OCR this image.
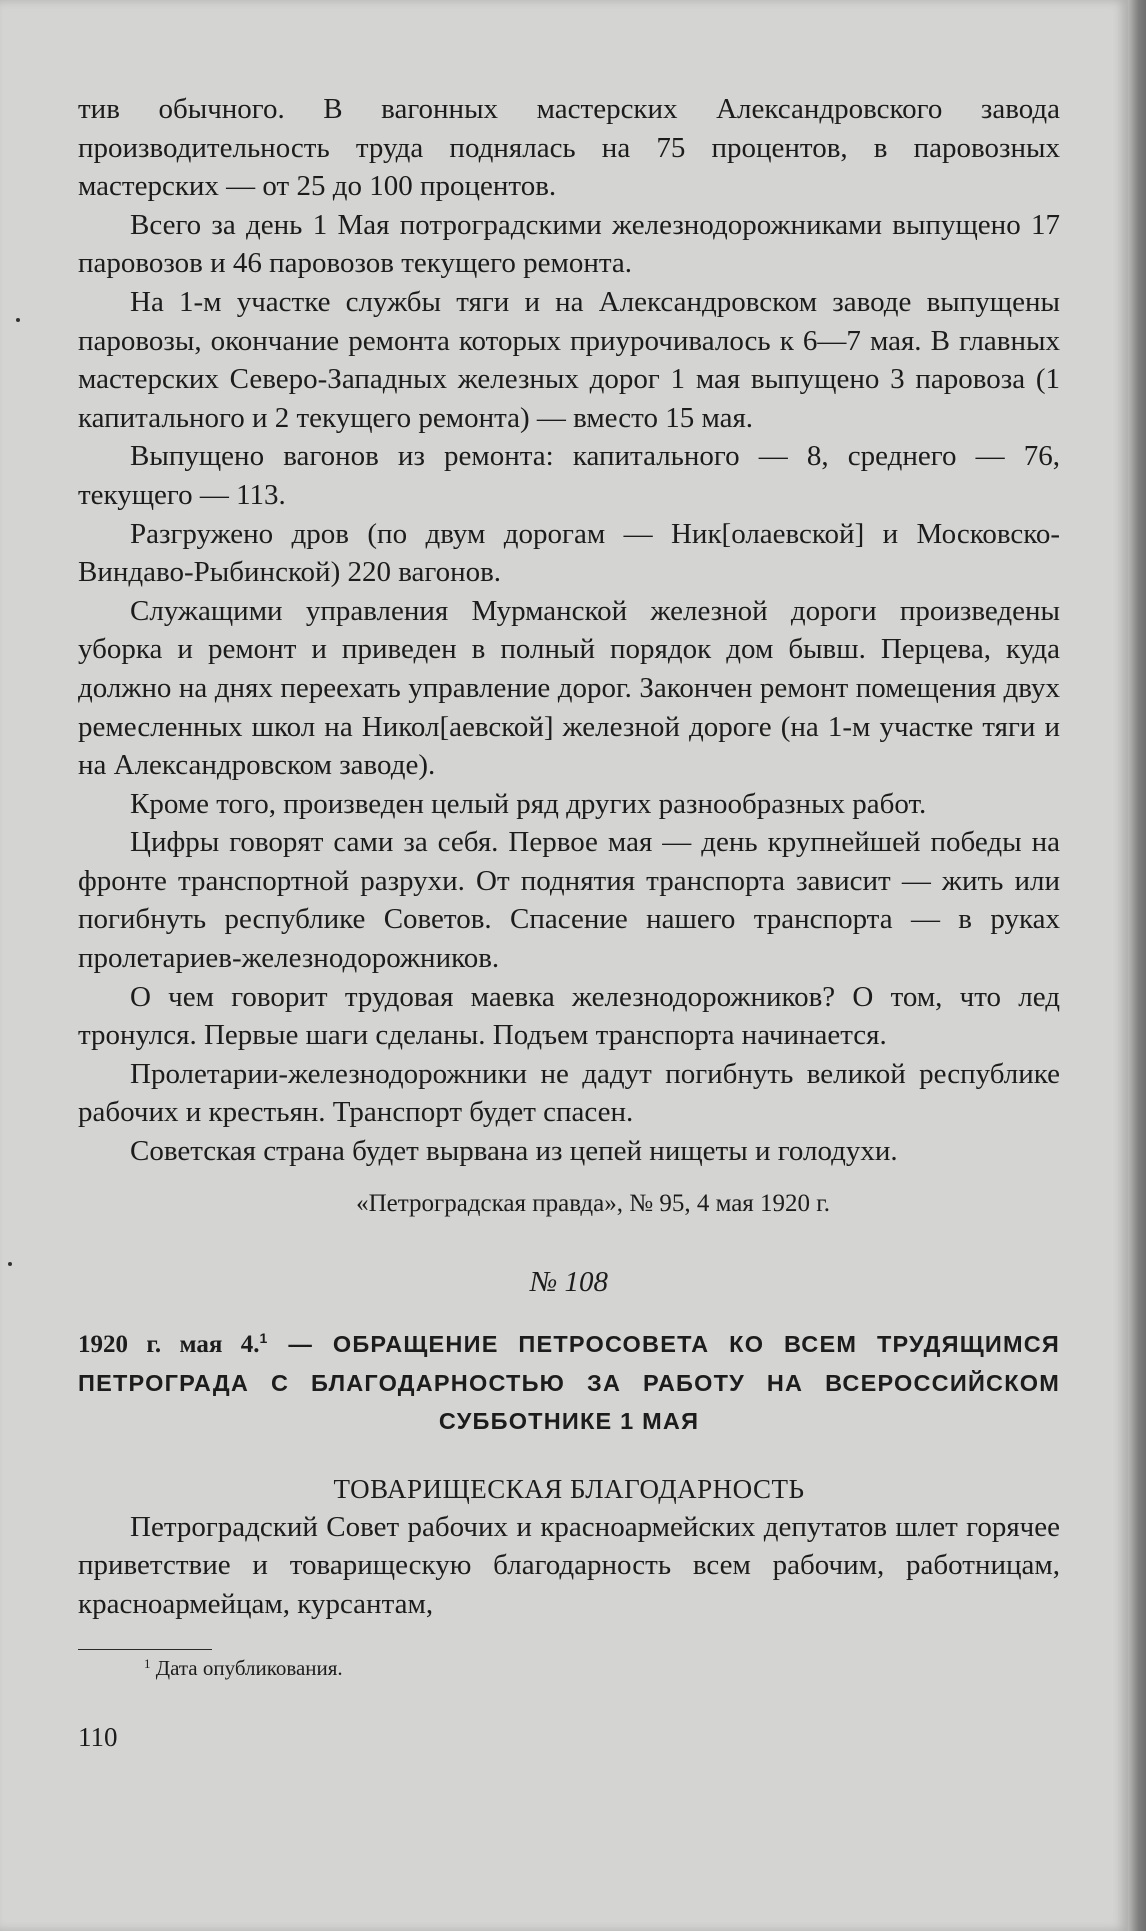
тив обычного. В вагонных мастерских Александровского завода производительность труда поднялась на 75 процентов, в паровозных мастерских — от 25 до 100 процентов.

Всего за день 1 Мая потроградскими железнодорожниками выпущено 17 паровозов и 46 паровозов текущего ремонта.

На 1-м участке службы тяги и на Александровском заводе выпущены паровозы, окончание ремонта которых приурочивалось к 6—7 мая. В главных мастерских Северо-Западных железных дорог 1 мая выпущено 3 паровоза (1 капитального и 2 текущего ремонта) — вместо 15 мая.

Выпущено вагонов из ремонта: капитального — 8, среднего — 76, текущего — 113.

Разгружено дров (по двум дорогам — Ник[олаевской] и Московско-Виндаво-Рыбинской) 220 вагонов.

Служащими управления Мурманской железной дороги произведены уборка и ремонт и приведен в полный порядок дом бывш. Перцева, куда должно на днях переехать управление дорог. Закончен ремонт помещения двух ремесленных школ на Никол[аевской] железной дороге (на 1-м участке тяги и на Александровском заводе).

Кроме того, произведен целый ряд других разнообразных работ.

Цифры говорят сами за себя. Первое мая — день крупнейшей победы на фронте транспортной разрухи. От поднятия транспорта зависит — жить или погибнуть республике Советов. Спасение нашего транспорта — в руках пролетариев-железнодорожников.

О чем говорит трудовая маевка железнодорожников? О том, что лед тронулся. Первые шаги сделаны. Подъем транспорта начинается.

Пролетарии-железнодорожники не дадут погибнуть великой республике рабочих и крестьян. Транспорт будет спасен.

Советская страна будет вырвана из цепей нищеты и голодухи.

«Петроградская правда», № 95, 4 мая 1920 г.

№ 108
1920 г. мая 4.$^1$ — ОБРАЩЕНИЕ ПЕТРОСОВЕТА КО ВСЕМ ТРУДЯЩИМСЯ ПЕТРОГРАДА С БЛАГОДАРНОСТЬЮ ЗА РАБОТУ НА ВСЕРОССИЙСКОМ СУББОТНИКЕ 1 МАЯ
ТОВАРИЩЕСКАЯ БЛАГОДАРНОСТЬ

Петроградский Совет рабочих и красноармейских депутатов шлет горячее приветствие и товарищескую благодарность всем рабочим, работницам, красноармейцам, курсантам,

$^1$ Дата опубликования.

110
